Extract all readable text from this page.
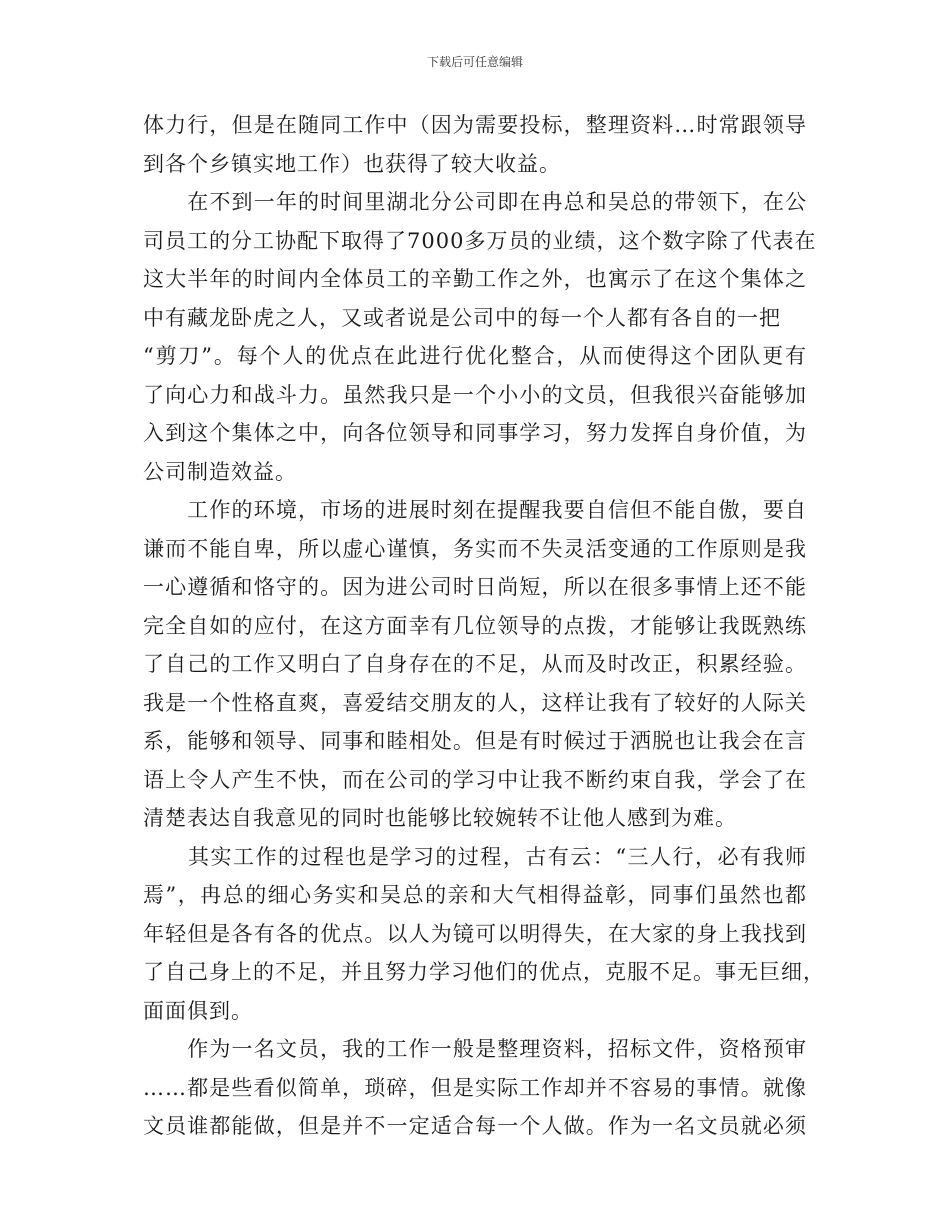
下载后可任意编辑
体力行，但是在随同工作中（因为需要投标，整理资料…时常跟领导
到各个乡镇实地工作）也获得了较大收益。
　　在不到一年的时间里湖北分公司即在冉总和吴总的带领下，在公
司员工的分工协配下取得了7000多万员的业绩，这个数字除了代表在
这大半年的时间内全体员工的辛勤工作之外，也寓示了在这个集体之
中有藏龙卧虎之人，又或者说是公司中的每一个人都有各自的一把
“剪刀”。每个人的优点在此进行优化整合，从而使得这个团队更有
了向心力和战斗力。虽然我只是一个小小的文员，但我很兴奋能够加
入到这个集体之中，向各位领导和同事学习，努力发挥自身价值，为
公司制造效益。
　　工作的环境，市场的进展时刻在提醒我要自信但不能自傲，要自
谦而不能自卑，所以虚心谨慎，务实而不失灵活变通的工作原则是我
一心遵循和恪守的。因为进公司时日尚短，所以在很多事情上还不能
完全自如的应付，在这方面幸有几位领导的点拨，才能够让我既熟练
了自己的工作又明白了自身存在的不足，从而及时改正，积累经验。
我是一个性格直爽，喜爱结交朋友的人，这样让我有了较好的人际关
系，能够和领导、同事和睦相处。但是有时候过于洒脱也让我会在言
语上令人产生不快，而在公司的学习中让我不断约束自我，学会了在
清楚表达自我意见的同时也能够比较婉转不让他人感到为难。
　　其实工作的过程也是学习的过程，古有云：“三人行，必有我师
焉”，冉总的细心务实和吴总的亲和大气相得益彰，同事们虽然也都
年轻但是各有各的优点。以人为镜可以明得失，在大家的身上我找到
了自己身上的不足，并且努力学习他们的优点，克服不足。事无巨细，
面面俱到。
　　作为一名文员，我的工作一般是整理资料，招标文件，资格预审
……都是些看似简单，琐碎，但是实际工作却并不容易的事情。就像
文员谁都能做，但是并不一定适合每一个人做。作为一名文员就必须
